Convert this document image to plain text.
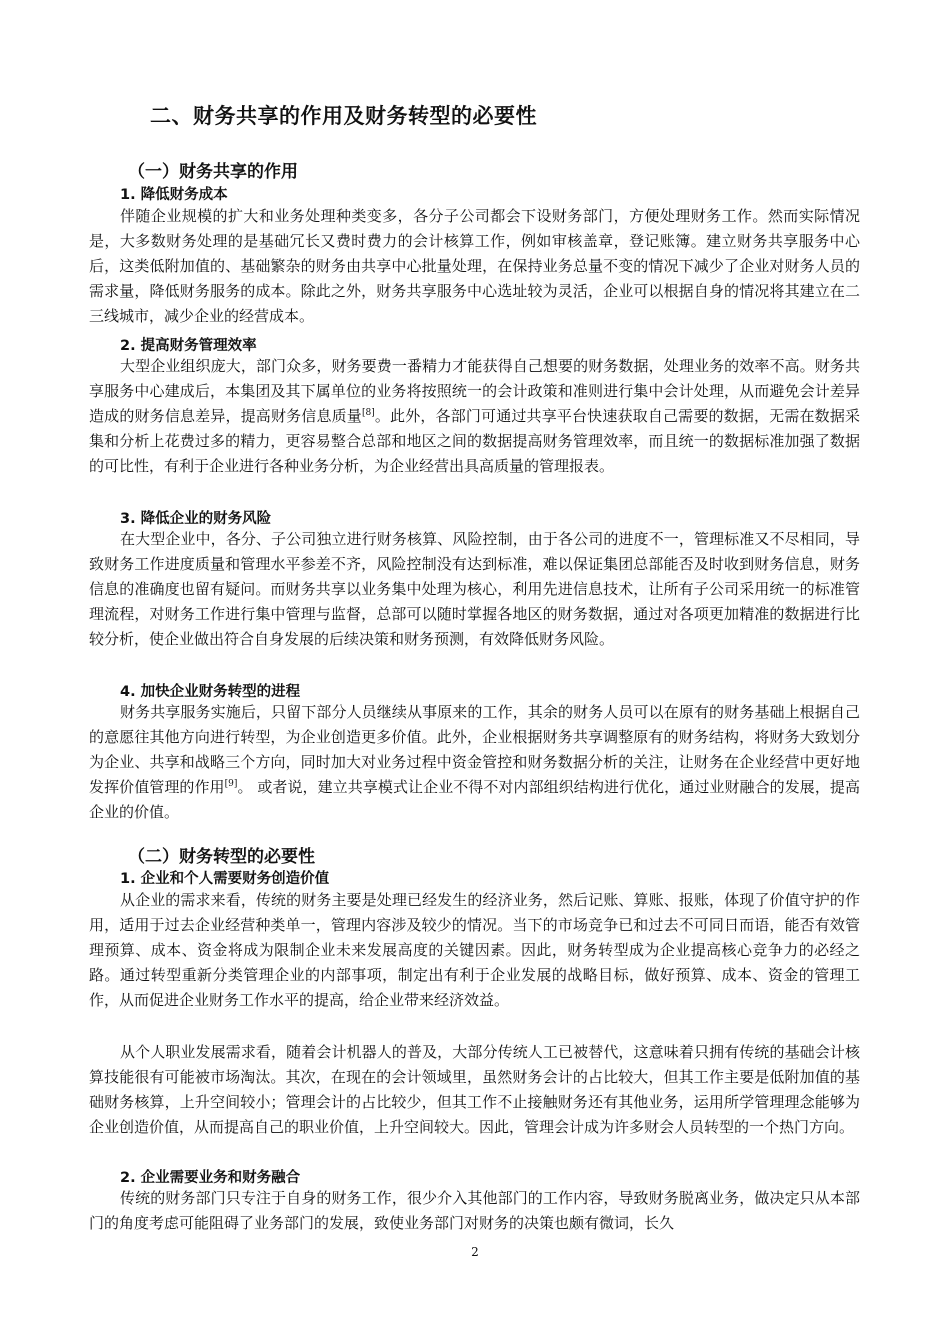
二、财务共享的作用及财务转型的必要性
（一）财务共享的作用
1. 降低财务成本

伴随企业规模的扩大和业务处理种类变多，各分子公司都会下设财务部门，方便处理财务工作。然而实际情况是，大多数财务处理的是基础冗长又费时费力的会计核算工作，例如审核盖章，登记账簿。建立财务共享服务中心后，这类低附加值的、基础繁杂的财务由共享中心批量处理，在保持业务总量不变的情况下减少了企业对财务人员的需求量，降低财务服务的成本。除此之外，财务共享服务中心选址较为灵活，企业可以根据自身的情况将其建立在二三线城市，减少企业的经营成本。

2. 提高财务管理效率

大型企业组织庞大，部门众多，财务要费一番精力才能获得自己想要的财务数据，处理业务的效率不高。财务共享服务中心建成后，本集团及其下属单位的业务将按照统一的会计政策和准则进行集中会计处理，从而避免会计差异造成的财务信息差异，提高财务信息质量[8]。此外，各部门可通过共享平台快速获取自己需要的数据，无需在数据采集和分析上花费过多的精力，更容易整合总部和地区之间的数据提高财务管理效率，而且统一的数据标准加强了数据的可比性，有利于企业进行各种业务分析，为企业经营出具高质量的管理报表。

3. 降低企业的财务风险

在大型企业中，各分、子公司独立进行财务核算、风险控制，由于各公司的进度不一，管理标准又不尽相同，导致财务工作进度质量和管理水平参差不齐，风险控制没有达到标准，难以保证集团总部能否及时收到财务信息，财务信息的准确度也留有疑问。而财务共享以业务集中处理为核心，利用先进信息技术，让所有子公司采用统一的标准管理流程，对财务工作进行集中管理与监督，总部可以随时掌握各地区的财务数据，通过对各项更加精准的数据进行比较分析，使企业做出符合自身发展的后续决策和财务预测，有效降低财务风险。

4. 加快企业财务转型的进程

财务共享服务实施后，只留下部分人员继续从事原来的工作，其余的财务人员可以在原有的财务基础上根据自己的意愿往其他方向进行转型，为企业创造更多价值。此外，企业根据财务共享调整原有的财务结构，将财务大致划分为企业、共享和战略三个方向，同时加大对业务过程中资金管控和财务数据分析的关注，让财务在企业经营中更好地发挥价值管理的作用[9]。 或者说，建立共享模式让企业不得不对内部组织结构进行优化，通过业财融合的发展，提高企业的价值。

（二）财务转型的必要性
1. 企业和个人需要财务创造价值

从企业的需求来看，传统的财务主要是处理已经发生的经济业务，然后记账、算账、报账，体现了价值守护的作用，适用于过去企业经营种类单一，管理内容涉及较少的情况。当下的市场竞争已和过去不可同日而语，能否有效管理预算、成本、资金将成为限制企业未来发展高度的关键因素。因此，财务转型成为企业提高核心竞争力的必经之路。通过转型重新分类管理企业的内部事项，制定出有利于企业发展的战略目标，做好预算、成本、资金的管理工作，从而促进企业财务工作水平的提高，给企业带来经济效益。

从个人职业发展需求看，随着会计机器人的普及，大部分传统人工已被替代，这意味着只拥有传统的基础会计核算技能很有可能被市场淘汰。其次，在现在的会计领域里，虽然财务会计的占比较大，但其工作主要是低附加值的基础财务核算，上升空间较小；管理会计的占比较少，但其工作不止接触财务还有其他业务，运用所学管理理念能够为企业创造价值，从而提高自己的职业价值，上升空间较大。因此，管理会计成为许多财会人员转型的一个热门方向。

2. 企业需要业务和财务融合

传统的财务部门只专注于自身的财务工作，很少介入其他部门的工作内容，导致财务脱离业务，做决定只从本部门的角度考虑可能阻碍了业务部门的发展，致使业务部门对财务的决策也颇有微词，长久

2
